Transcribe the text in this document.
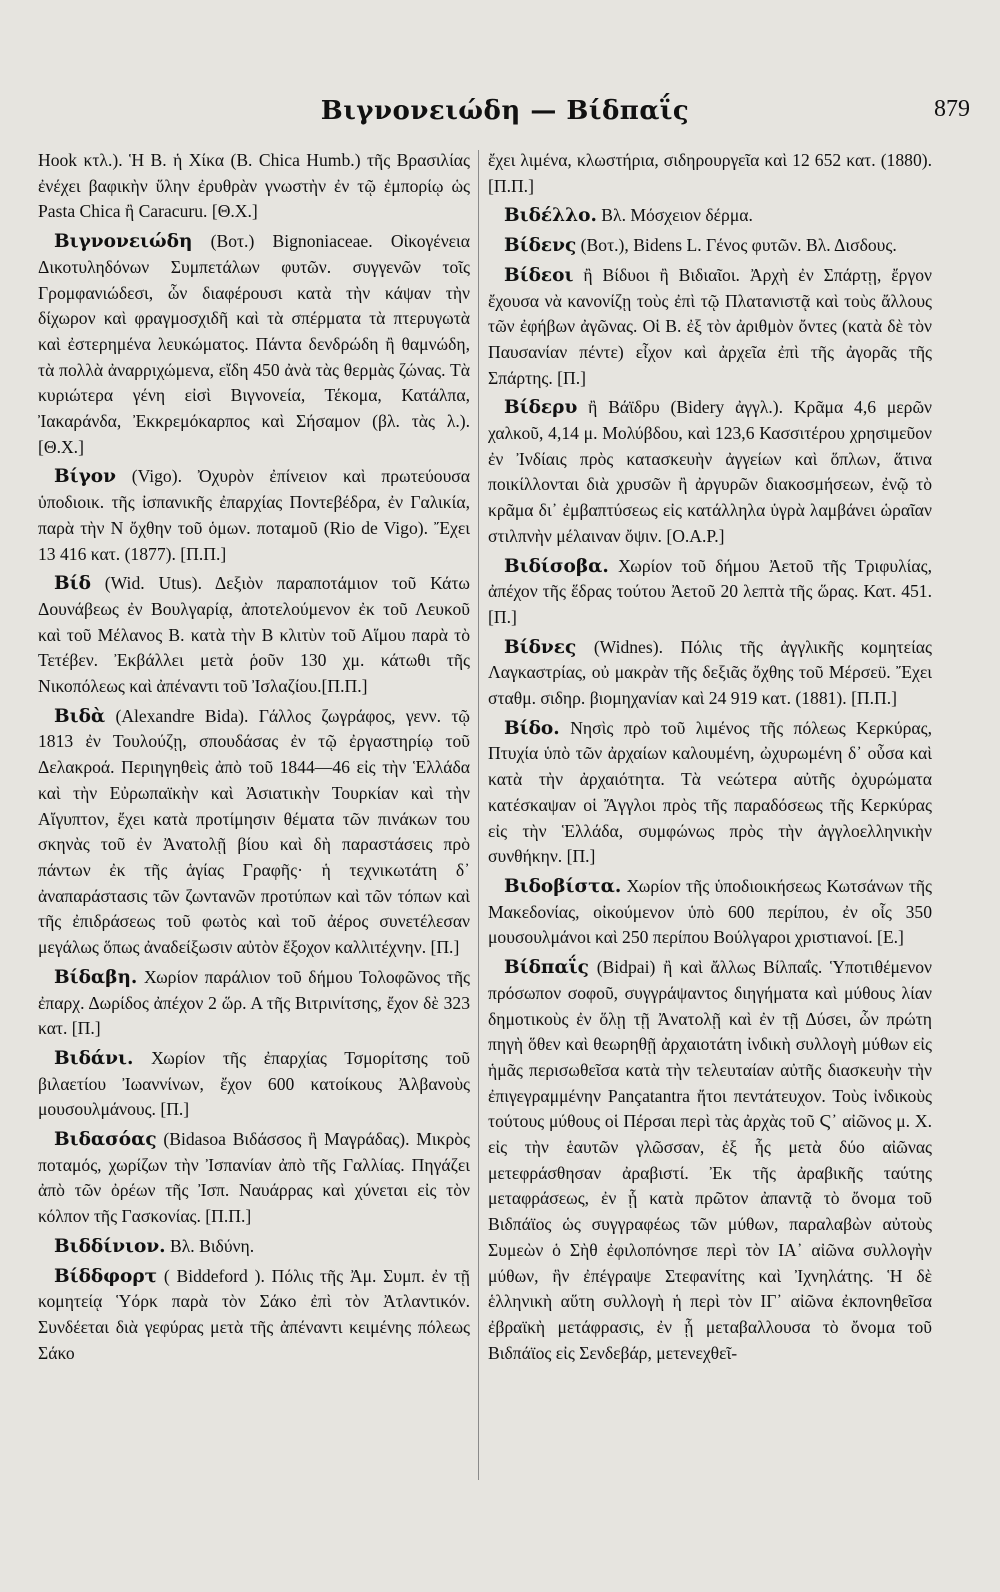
Βιγνονειώδη — Βίδπαΐς	879

Hook κτλ.). Ἡ Β. ἡ Χίκα (Β. Chica Humb.) τῆς Βρασιλίας ἐνέχει βαφικὴν ὕλην ἐρυθρὰν γνωστὴν ἐν τῷ ἐμπορίῳ ὡς Pasta Chica ἢ Caracuru. [Θ.Χ.]

Βιγνονειώδη (Βοτ.) Bignoniaceae. Οἰκογένεια Δικοτυληδόνων Συμπετάλων φυτῶν. συγγενῶν τοῖς Γρομφανιώδεσι, ὧν διαφέρουσι κατὰ τὴν κάψαν τὴν δίχωρον καὶ φραγμοσχιδῆ καὶ τὰ σπέρματα τὰ πτερυγωτὰ καὶ ἐστερημένα λευκώματος. Πάντα δενδρώδη ἢ θαμνώδη, τὰ πολλὰ ἀναρριχώμενα, εἴδη 450 ἀνὰ τὰς θερμὰς ζώνας. Τὰ κυριώτερα γένη εἰσὶ Βιγνονεία, Τέκομα, Κατάλπα, Ἰακαράνδα, Ἐκκρεμόκαρπος καὶ Σήσαμον (βλ. τὰς λ.). [Θ.Χ.]

Βίγον (Vigo). Ὀχυρὸν ἐπίνειον καὶ πρωτεύουσα ὑποδιοικ. τῆς ἰσπανικῆς ἐπαρχίας Ποντεβέδρα, ἐν Γαλικία, παρὰ τὴν Ν ὄχθην τοῦ ὁμων. ποταμοῦ (Rio de Vigo). Ἔχει 13 416 κατ. (1877). [Π.Π.]

Βίδ (Wid. Utus). Δεξιὸν παραποτάμιον τοῦ Κάτω Δουνάβεως ἐν Βουλγαρίᾳ, ἀποτελούμενον ἐκ τοῦ Λευκοῦ καὶ τοῦ Μέλανος Β. κατὰ τὴν Β κλιτὺν τοῦ Αἵμου παρὰ τὸ Τετέβεν. Ἐκβάλλει μετὰ ῥοῦν 130 χμ. κάτωθι τῆς Νικοπόλεως καὶ ἀπέναντι τοῦ Ἰσλαζίου.[Π.Π.]

Βιδὰ (Alexandre Bida). Γάλλος ζωγράφος, γενν. τῷ 1813 ἐν Τουλούζῃ, σπουδάσας ἐν τῷ ἐργαστηρίῳ τοῦ Δελακροά. Περιηγηθεὶς ἀπὸ τοῦ 1844—46 εἰς τὴν Ἑλλάδα καὶ τὴν Εὐρωπαϊκὴν καὶ Ἀσιατικὴν Τουρκίαν καὶ τὴν Αἴγυπτον, ἔχει κατὰ προτίμησιν θέματα τῶν πινάκων του σκηνὰς τοῦ ἐν Ἀνατολῇ βίου καὶ δὴ παραστάσεις πρὸ πάντων ἐκ τῆς ἁγίας Γραφῆς· ἡ τεχνικωτάτη δ᾽ ἀναπαράστασις τῶν ζωντανῶν προτύπων καὶ τῶν τόπων καὶ τῆς ἐπιδράσεως τοῦ φωτὸς καὶ τοῦ ἀέρος συνετέλεσαν μεγάλως ὅπως ἀναδείξωσιν αὐτὸν ἔξοχον καλλιτέχνην. [Π.]

Βίδαβη. Χωρίον παράλιον τοῦ δήμου Τολοφῶνος τῆς ἐπαρχ. Δωρίδος ἀπέχον 2 ὥρ. Α τῆς Βιτρινίτσης, ἔχον δὲ 323 κατ. [Π.]

Βιδάνι. Χωρίον τῆς ἐπαρχίας Τσμορίτσης τοῦ βιλαετίου Ἰωαννίνων, ἔχον 600 κατοίκους Ἀλβανοὺς μουσουλμάνους. [Π.]

Βιδασόας (Bidasoa Βιδάσσος ἢ Μαγράδας). Μικρὸς ποταμός, χωρίζων τὴν Ἰσπανίαν ἀπὸ τῆς Γαλλίας. Πηγάζει ἀπὸ τῶν ὀρέων τῆς Ἰσπ. Ναυάρρας καὶ χύνεται εἰς τὸν κόλπον τῆς Γασκονίας. [Π.Π.]

Βιδδίνιον. Βλ. Βιδύνη.

Βίδδφορτ ( Biddeford ). Πόλις τῆς Ἀμ. Συμπ. ἐν τῇ κομητείᾳ Ὑόρκ παρὰ τὸν Σάκο ἐπὶ τὸν Ἀτλαντικόν. Συνδέεται διὰ γεφύρας μετὰ τῆς ἀπέναντι κειμένης πόλεως Σάκο

ἔχει λιμένα, κλωστήρια, σιδηρουργεῖα καὶ 12 652 κατ. (1880). [Π.Π.]

Βιδέλλο. Βλ. Μόσχειον δέρμα.

Βίδενς (Βοτ.), Bidens L. Γένος φυτῶν. Βλ. Δισδους.

Βίδεοι ἢ Βίδυοι ἢ Βιδιαῖοι. Ἀρχὴ ἐν Σπάρτῃ, ἔργον ἔχουσα νὰ κανονίζῃ τοὺς ἐπὶ τῷ Πλατανιστᾷ καὶ τοὺς ἄλλους τῶν ἐφήβων ἀγῶνας. Οἱ Β. ἐξ τὸν ἀριθμὸν ὄντες (κατὰ δὲ τὸν Παυσανίαν πέντε) εἶχον καὶ ἀρχεῖα ἐπὶ τῆς ἀγορᾶς τῆς Σπάρτης. [Π.]

Βίδερυ ἢ Βάϊδρυ (Bidery ἀγγλ.). Κρᾶμα 4,6 μερῶν χαλκοῦ, 4,14 μ. Μολύβδου, καὶ 123,6 Κασσιτέρου χρησιμεῦον ἐν Ἰνδίαις πρὸς κατασκευὴν ἀγγείων καὶ ὅπλων, ἅτινα ποικίλλονται διὰ χρυσῶν ἢ ἀργυρῶν διακοσμήσεων, ἐνῷ τὸ κρᾶμα δι᾽ ἐμβαπτύσεως εἰς κατάλληλα ὑγρὰ λαμβάνει ὡραῖαν στιλπνὴν μέλαιναν ὄψιν. [Ο.Α.Ρ.]

Βιδίσοβα. Χωρίον τοῦ δήμου Ἀετοῦ τῆς Τριφυλίας, ἀπέχον τῆς ἕδρας τούτου Ἀετοῦ 20 λεπτὰ τῆς ὥρας. Κατ. 451. [Π.]

Βίδνες (Widnes). Πόλις τῆς ἀγγλικῆς κομητείας Λαγκαστρίας, οὐ μακρὰν τῆς δεξιᾶς ὄχθης τοῦ Μέρσεϋ. Ἔχει σταθμ. σιδηρ. βιομηχανίαν καὶ 24 919 κατ. (1881). [Π.Π.]

Βίδο. Νησὶς πρὸ τοῦ λιμένος τῆς πόλεως Κερκύρας, Πτυχία ὑπὸ τῶν ἀρχαίων καλουμένη, ὠχυρωμένη δ᾽ οὖσα καὶ κατὰ τὴν ἀρχαιότητα. Τὰ νεώτερα αὐτῆς ὀχυρώματα κατέσκαψαν οἱ Ἄγγλοι πρὸς τῆς παραδόσεως τῆς Κερκύρας εἰς τὴν Ἑλλάδα, συμφώνως πρὸς τὴν ἀγγλοελληνικὴν συνθήκην. [Π.]

Βιδοβίστα. Χωρίον τῆς ὑποδιοικήσεως Κωτσάνων τῆς Μακεδονίας, οἰκούμενον ὑπὸ 600 περίπου, ἐν οἷς 350 μουσουλμάνοι καὶ 250 περίπου Βούλγαροι χριστιανοί. [Ε.]

Βίδπαΐς (Bidpai) ἢ καὶ ἄλλως Βίλπαΐς. Ὑποτιθέμενον πρόσωπον σοφοῦ, συγγράψαντος διηγήματα καὶ μύθους λίαν δημοτικοὺς ἐν ὅλῃ τῇ Ἀνατολῇ καὶ ἐν τῇ Δύσει, ὧν πρώτη πηγὴ ὅθεν καὶ θεωρηθῇ ἀρχαιοτάτη ἰνδικὴ συλλογὴ μύθων εἰς ἡμᾶς περισωθεῖσα κατὰ τὴν τελευταίαν αὐτῆς διασκευὴν τὴν ἐπιγεγραμμένην Pançatantra ἤτοι πεντάτευχον. Τοὺς ἰνδικοὺς τούτους μύθους οἱ Πέρσαι περὶ τὰς ἀρχὰς τοῦ Ϛ᾽ αἰῶνος μ. Χ. εἰς τὴν ἑαυτῶν γλῶσσαν, ἐξ ἧς μετὰ δύο αἰῶνας μετεφράσθησαν ἀραβιστί. Ἐκ τῆς ἀραβικῆς ταύτης μεταφράσεως, ἐν ᾗ κατὰ πρῶτον ἀπαντᾷ τὸ ὄνομα τοῦ Βιδπάϊος ὡς συγγραφέως τῶν μύθων, παραλαβὼν αὐτοὺς Συμεὼν ὁ Σὴθ ἐφιλοπόνησε περὶ τὸν ΙΑ᾽ αἰῶνα συλλογὴν μύθων, ἣν ἐπέγραψε Στεφανίτης καὶ Ἰχνηλάτης. Ἡ δὲ ἑλληνικὴ αὕτη συλλογὴ ἡ περὶ τὸν ΙΓ᾽ αἰῶνα ἐκπονηθεῖσα ἐβραϊκὴ μετάφρασις, ἐν ᾗ μεταβαλλουσα τὸ ὄνομα τοῦ Βιδπάϊος εἰς Σενδεβάρ, μετενεχθεῖ-
